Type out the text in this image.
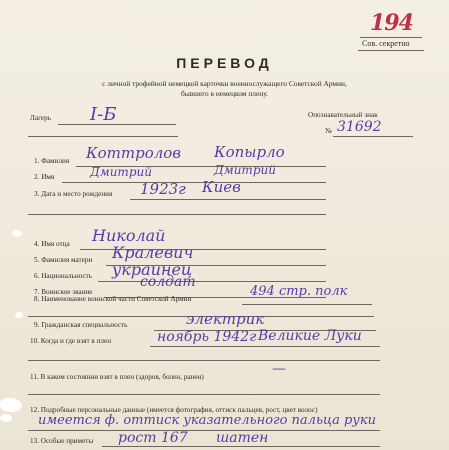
194
Сов. секретно
ПЕРЕВОД
с личной трофейной немецкой карточки военнослужащего Советской Армии,
бывшего в немецком плену.
Лагерь I-Б	Опознавательный знак
№ 31692
1. Фамилия Коттролов Копырло
2. Имя	Дмитрий	Дмитрий
3. Дата и место рождения 1923г Киев
4. Имя отца Николай
5. Фамилия матери Кралевич
6. Национальность украинец
7. Воинское звание
солдат
8. Наименование воинской части Советской Армии	494 стр. полк
9. Гражданская специальность	электрик
10. Когда и где взят в плен	ноябрь 1942г Великие Луки
11. В каком состоянии взят в плен (здоров, болен, ранен)	—
12. Подробные персональные данные (имеется фотография, оттиск пальцев, рост, цвет волос)
имеется ф. оттиск указательного пальца руки
13. Особые приметы рост 167 шатен
